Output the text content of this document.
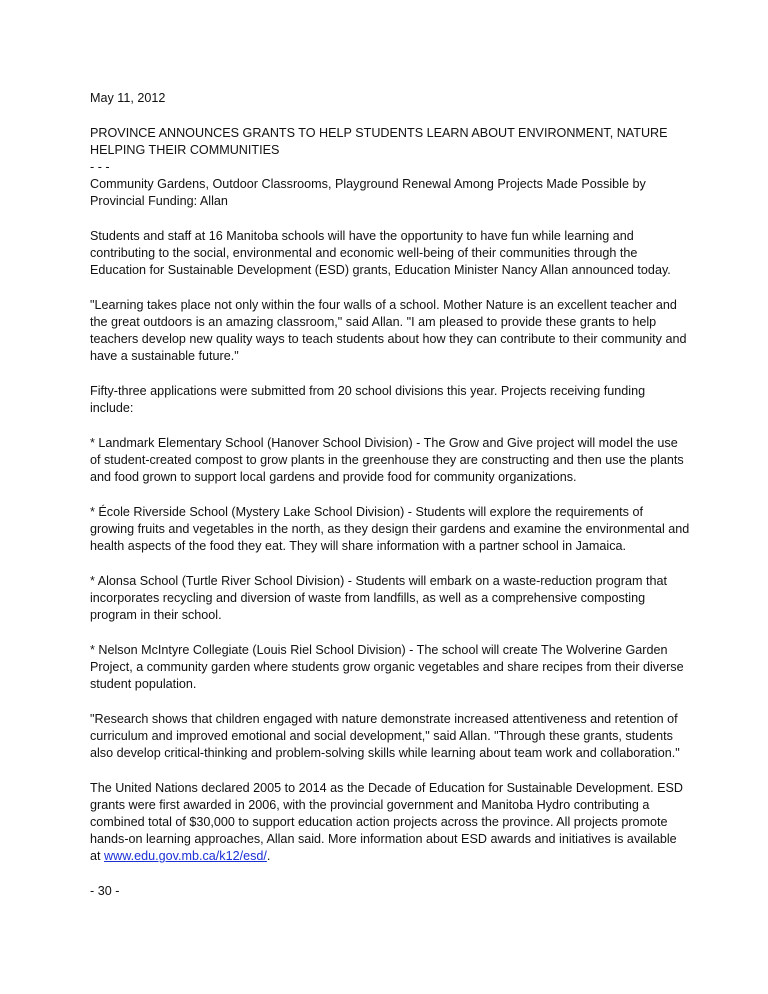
May 11, 2012

PROVINCE ANNOUNCES GRANTS TO HELP STUDENTS LEARN ABOUT ENVIRONMENT, NATURE HELPING THEIR COMMUNITIES

- - -

Community Gardens, Outdoor Classrooms, Playground Renewal Among Projects Made Possible by Provincial Funding: Allan

Students and staff at 16 Manitoba schools will have the opportunity to have fun while learning and contributing to the social, environmental and economic well-being of their communities through the Education for Sustainable Development (ESD) grants, Education Minister Nancy Allan announced today.

"Learning takes place not only within the four walls of a school. Mother Nature is an excellent teacher and the great outdoors is an amazing classroom," said Allan. "I am pleased to provide these grants to help teachers develop new quality ways to teach students about how they can contribute to their community and have a sustainable future."

Fifty-three applications were submitted from 20 school divisions this year. Projects receiving funding include:

* Landmark Elementary School (Hanover School Division) - The Grow and Give project will model the use of student-created compost to grow plants in the greenhouse they are constructing and then use the plants and food grown to support local gardens and provide food for community organizations.

* École Riverside School (Mystery Lake School Division) - Students will explore the requirements of growing fruits and vegetables in the north, as they design their gardens and examine the environmental and health aspects of the food they eat. They will share information with a partner school in Jamaica.

* Alonsa School (Turtle River School Division) - Students will embark on a waste-reduction program that incorporates recycling and diversion of waste from landfills, as well as a comprehensive composting program in their school.

* Nelson McIntyre Collegiate (Louis Riel School Division) - The school will create The Wolverine Garden Project, a community garden where students grow organic vegetables and share recipes from their diverse student population.

"Research shows that children engaged with nature demonstrate increased attentiveness and retention of curriculum and improved emotional and social development," said Allan. "Through these grants, students also develop critical-thinking and problem-solving skills while learning about team work and collaboration."

The United Nations declared 2005 to 2014 as the Decade of Education for Sustainable Development. ESD grants were first awarded in 2006, with the provincial government and Manitoba Hydro contributing a combined total of $30,000 to support education action projects across the province. All projects promote hands-on learning approaches, Allan said. More information about ESD awards and initiatives is available at www.edu.gov.mb.ca/k12/esd/.

- 30 -
